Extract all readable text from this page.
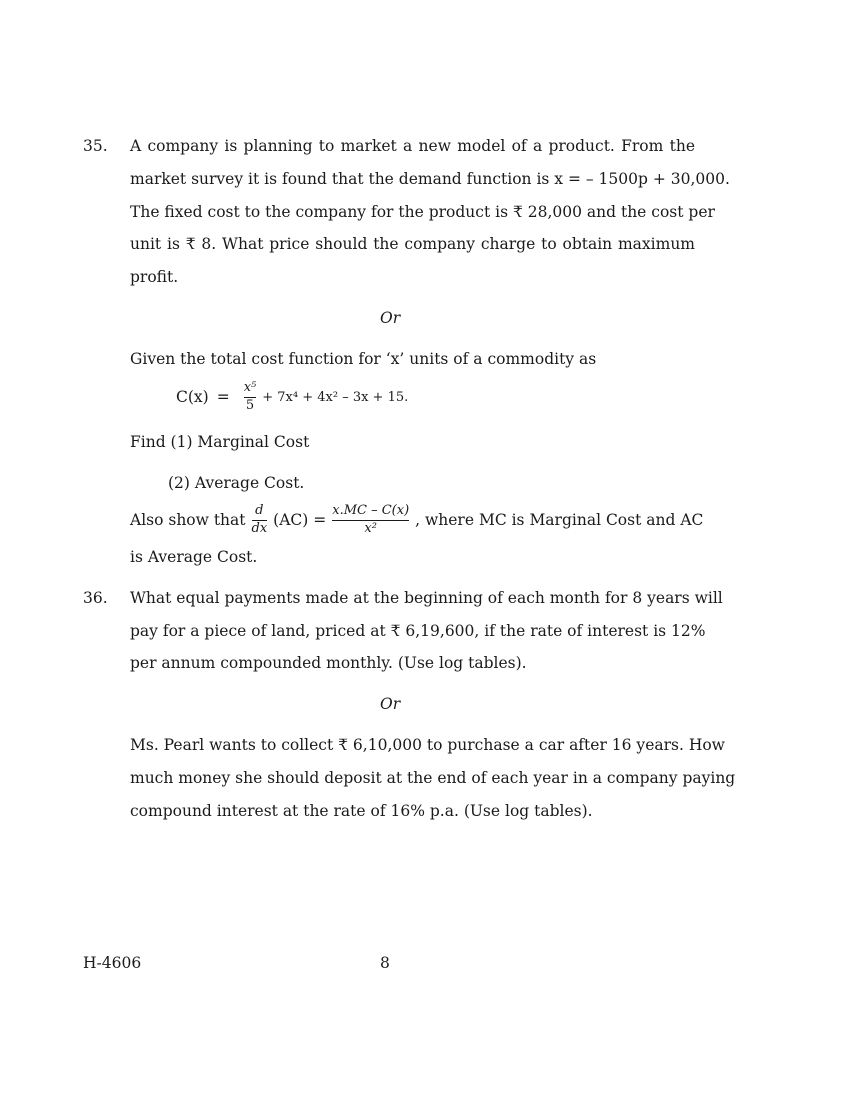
35. A company is planning to market a new model of a product. From the
market survey it is found that the demand function is x = – 1500p + 30,000.
The fixed cost to the company for the product is ₹ 28,000 and the cost per
unit is ₹ 8. What price should the company charge to obtain maximum
profit.
Or
Given the total cost function for ‘x’ units of a commodity as
$C(x) = \frac{\text{x⁵}}{5} + 7x^4 + 4x^2 - 3x + 15$.
Find (1) Marginal Cost
(2) Average Cost.
Also show that $\frac{d}{dx} (AC) = \frac{x.MC - C(x)}{\text{x²}}$ , where MC is Marginal Cost and AC
is Average Cost.
36. What equal payments made at the beginning of each month for 8 years will
pay for a piece of land, priced at ₹ 6,19,600, if the rate of interest is 12%
per annum compounded monthly. (Use log tables).
Or
Ms. Pearl wants to collect ₹ 6,10,000 to purchase a car after 16 years. How
much money she should deposit at the end of each year in a company paying
compound interest at the rate of 16% p.a. (Use log tables).
H-4606	8
